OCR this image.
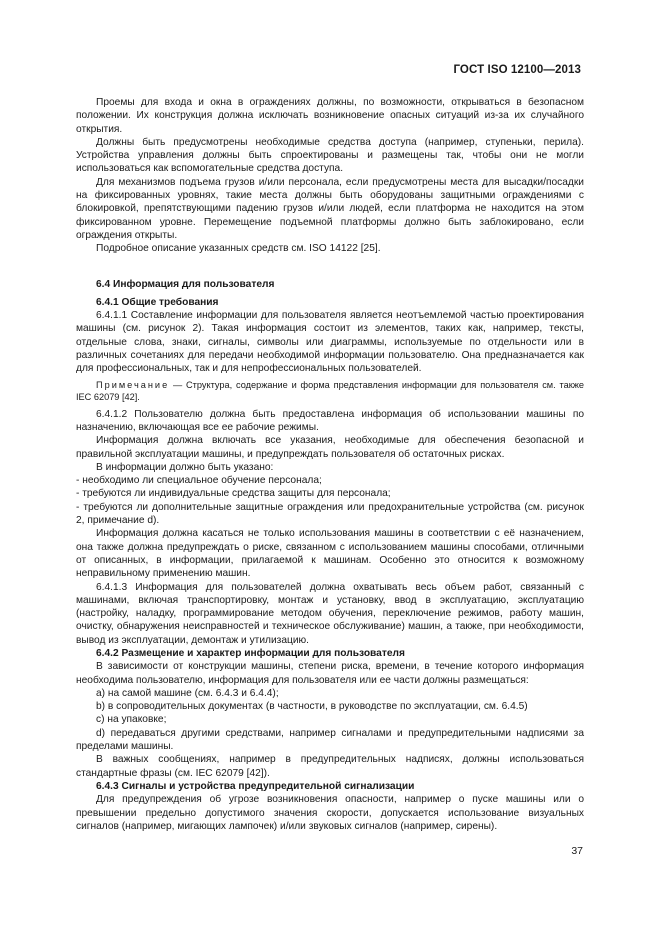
ГОСТ ISO 12100—2013

Проемы для входа и окна в ограждениях должны, по возможности, открываться в безопасном положении. Их конструкция должна исключать возникновение опасных ситуаций из-за их случайного открытия.

Должны быть предусмотрены необходимые средства доступа (например, ступеньки, перила). Устройства управления должны быть спроектированы и размещены так, чтобы они не могли использоваться как вспомогательные средства доступа.

Для механизмов подъема грузов и/или персонала, если предусмотрены места для высадки/посадки на фиксированных уровнях, такие места должны быть оборудованы защитными ограждениями с блокировкой, препятствующими падению грузов и/или людей, если платформа не находится на этом фиксированном уровне. Перемещение подъемной платформы должно быть заблокировано, если ограждения открыты.

Подробное описание указанных средств см. ISO 14122 [25].

6.4 Информация для пользователя

6.4.1 Общие требования

6.4.1.1 Составление информации для пользователя является неотъемлемой частью проектирования машины (см. рисунок 2). Такая информация состоит из элементов, таких как, например, тексты, отдельные слова, знаки, сигналы, символы или диаграммы, используемые по отдельности или в различных сочетаниях для передачи необходимой информации пользователю. Она предназначается как для профессиональных, так и для непрофессиональных пользователей.

Примечание — Структура, содержание и форма представления информации для пользователя см. также IEC 62079 [42].

6.4.1.2 Пользователю должна быть предоставлена информация об использовании машины по назначению, включающая все ее рабочие режимы.

Информация должна включать все указания, необходимые для обеспечения безопасной и правильной эксплуатации машины, и предупреждать пользователя об остаточных рисках.

В информации должно быть указано:

- необходимо ли специальное обучение персонала;

- требуются ли индивидуальные средства защиты для персонала;

- требуются ли дополнительные защитные ограждения или предохранительные устройства (см. рисунок 2, примечание d).

Информация должна касаться не только использования машины в соответствии с её назначением, она также должна предупреждать о риске, связанном с использованием машины способами, отличными от описанных, в информации, прилагаемой к машинам. Особенно это относится к возможному неправильному применению машин.

6.4.1.3 Информация для пользователей должна охватывать весь объем работ, связанный с машинами, включая транспортировку, монтаж и установку, ввод в эксплуатацию, эксплуатацию (настройку, наладку, программирование методом обучения, переключение режимов, работу машин, очистку, обнаружения неисправностей и техническое обслуживание) машин, а также, при необходимости, вывод из эксплуатации, демонтаж и утилизацию.

6.4.2 Размещение и характер информации для пользователя

В зависимости от конструкции машины, степени риска, времени, в течение которого информация необходима пользователю, информация для пользователя или ее части должны размещаться:

a) на самой машине (см. 6.4.3 и 6.4.4);

b) в сопроводительных документах (в частности, в руководстве по эксплуатации, см. 6.4.5)

c) на упаковке;

d) передаваться другими средствами, например сигналами и предупредительными надписями за пределами машины.

В важных сообщениях, например в предупредительных надписях, должны использоваться стандартные фразы (см. IEC 62079 [42]).

6.4.3 Сигналы и устройства предупредительной сигнализации

Для предупреждения об угрозе возникновения опасности, например о пуске машины или о превышении предельно допустимого значения скорости, допускается использование визуальных сигналов (например, мигающих лампочек) и/или звуковых сигналов (например, сирены).

37
